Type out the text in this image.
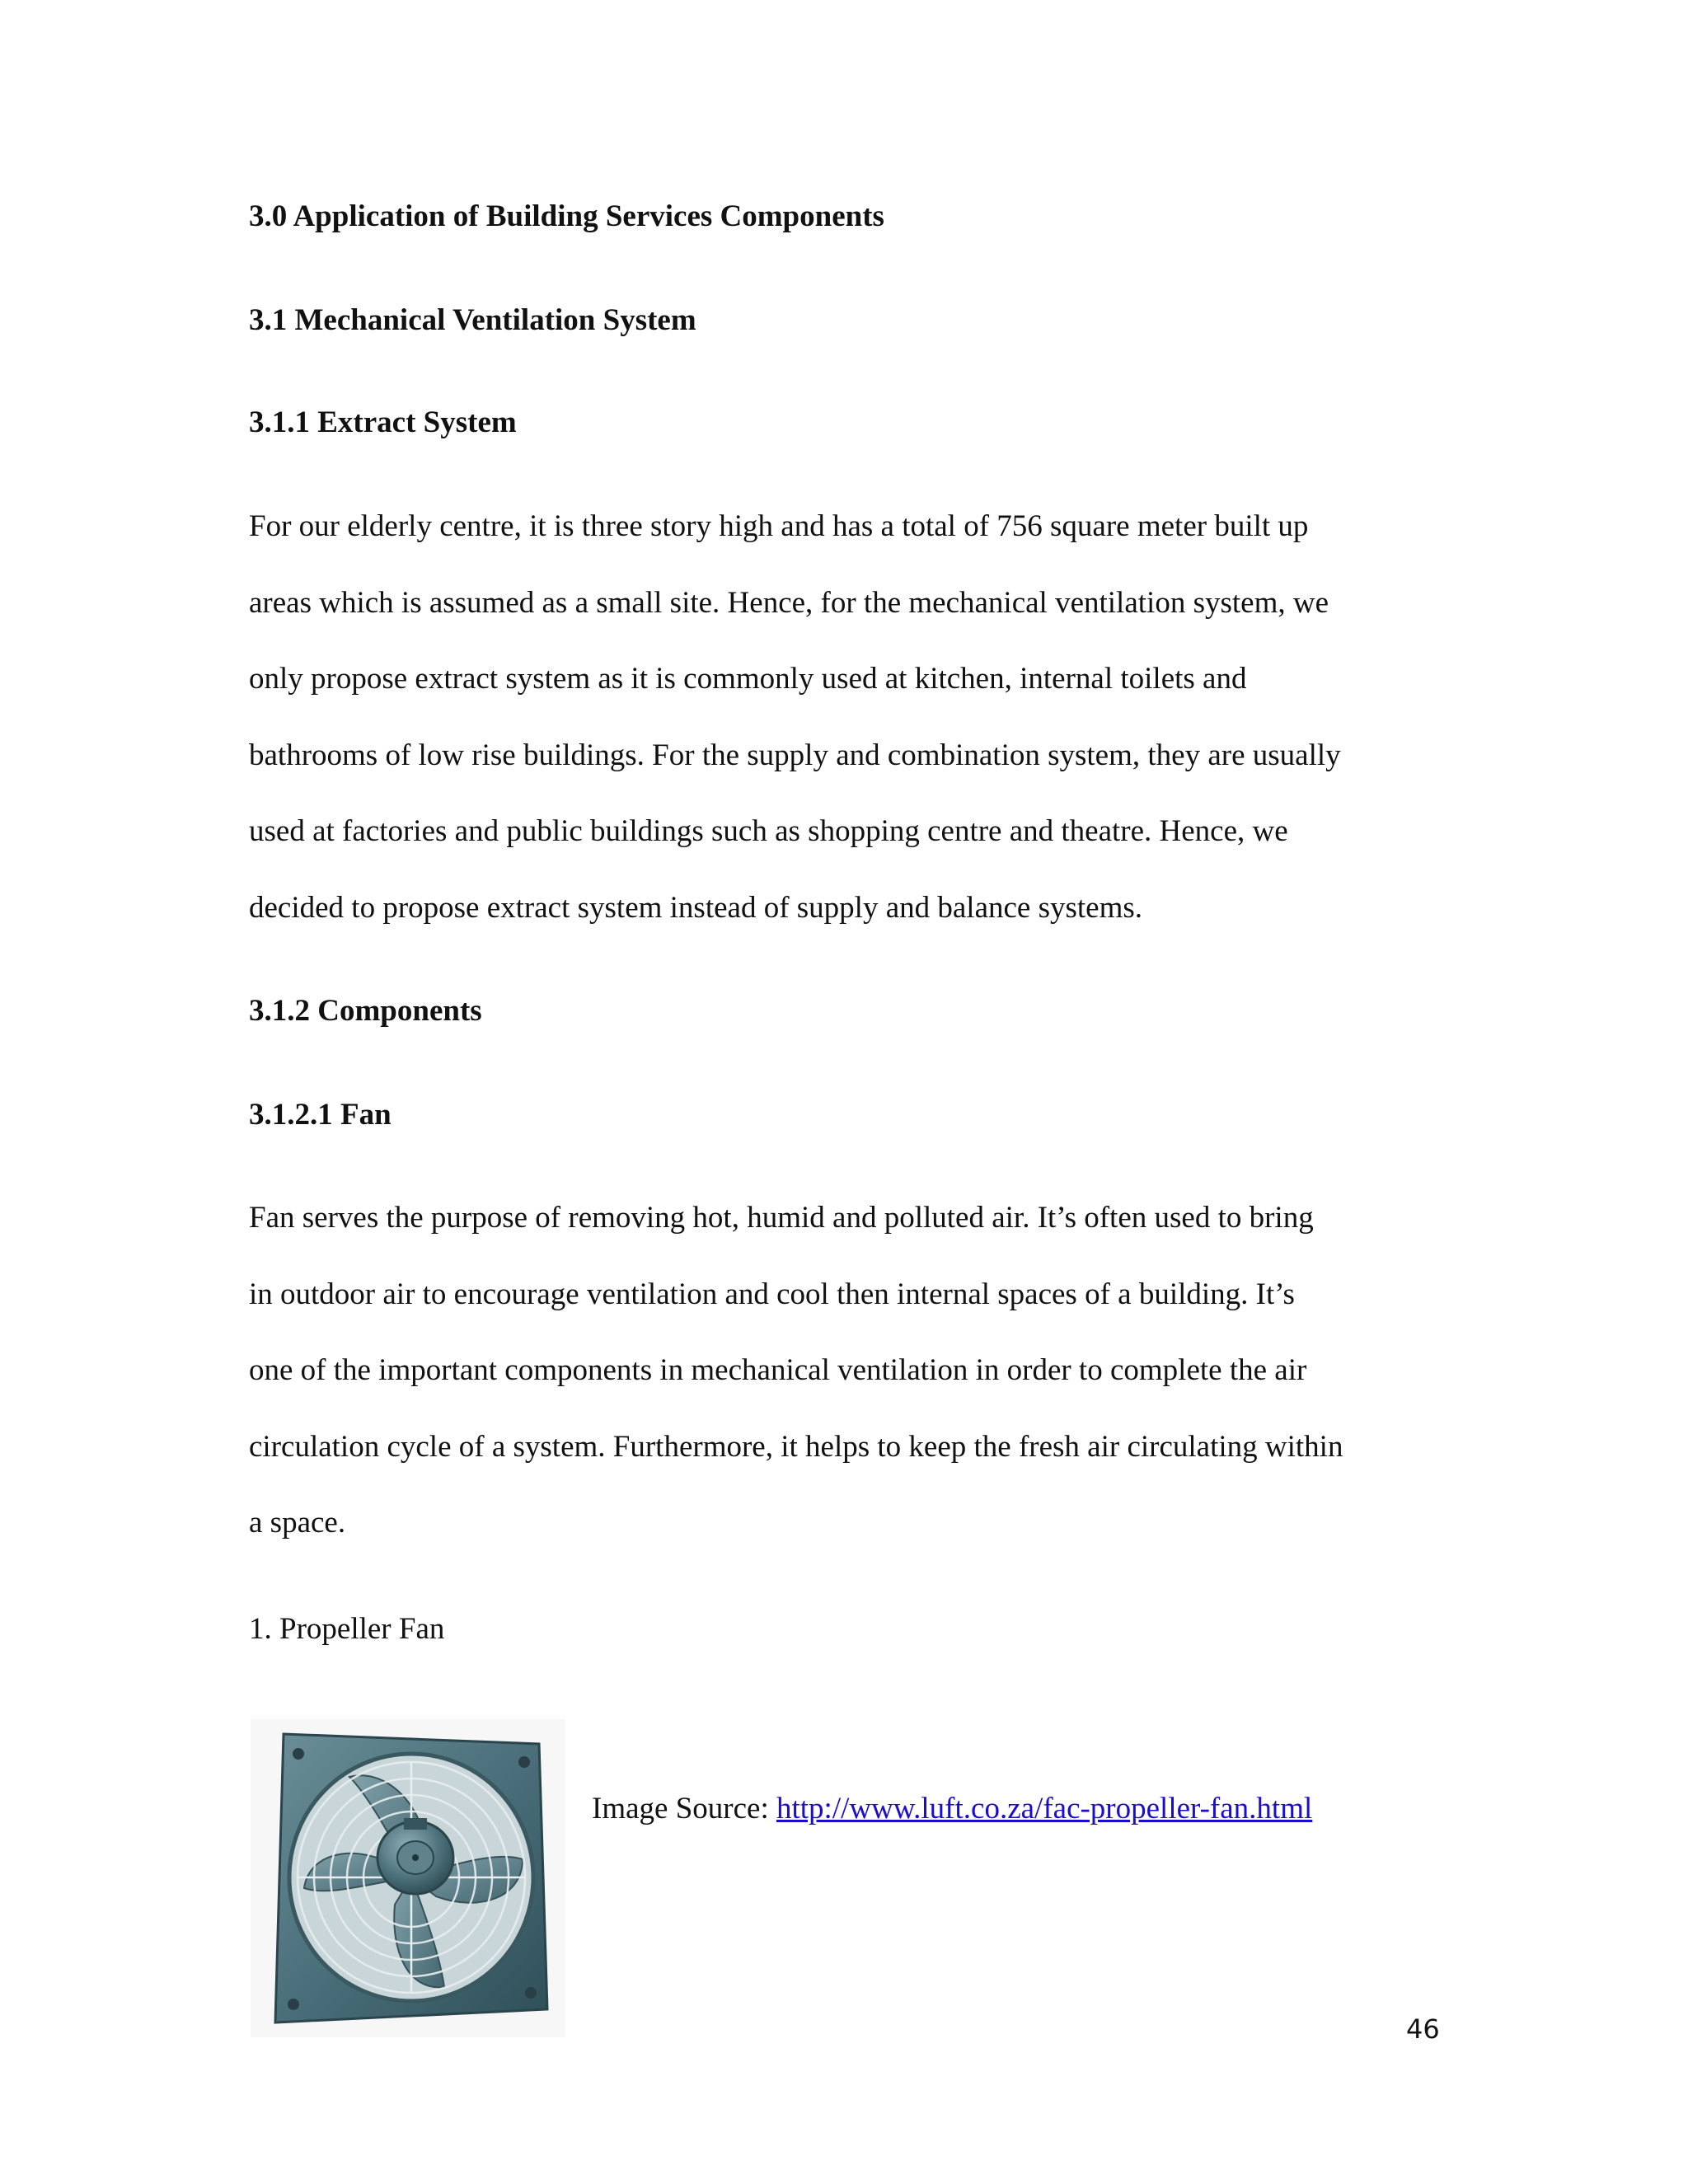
3.0 Application of Building Services Components
3.1 Mechanical Ventilation System
3.1.1 Extract System
For our elderly centre, it is three story high and has a total of 756 square meter built up
areas which is assumed as a small site. Hence, for the mechanical ventilation system, we
only propose extract system as it is commonly used at kitchen, internal toilets and
bathrooms of low rise buildings. For the supply and combination system, they are usually
used at factories and public buildings such as shopping centre and theatre. Hence, we
decided to propose extract system instead of supply and balance systems.
3.1.2 Components
3.1.2.1 Fan
Fan serves the purpose of removing hot, humid and polluted air. It’s often used to bring
in outdoor air to encourage ventilation and cool then internal spaces of a building. It’s
one of the important components in mechanical ventilation in order to complete the air
circulation cycle of a system. Furthermore, it helps to keep the fresh air circulating within
a space.
1. Propeller Fan
Image Source: http://www.luft.co.za/fac-propeller-fan.html
46
